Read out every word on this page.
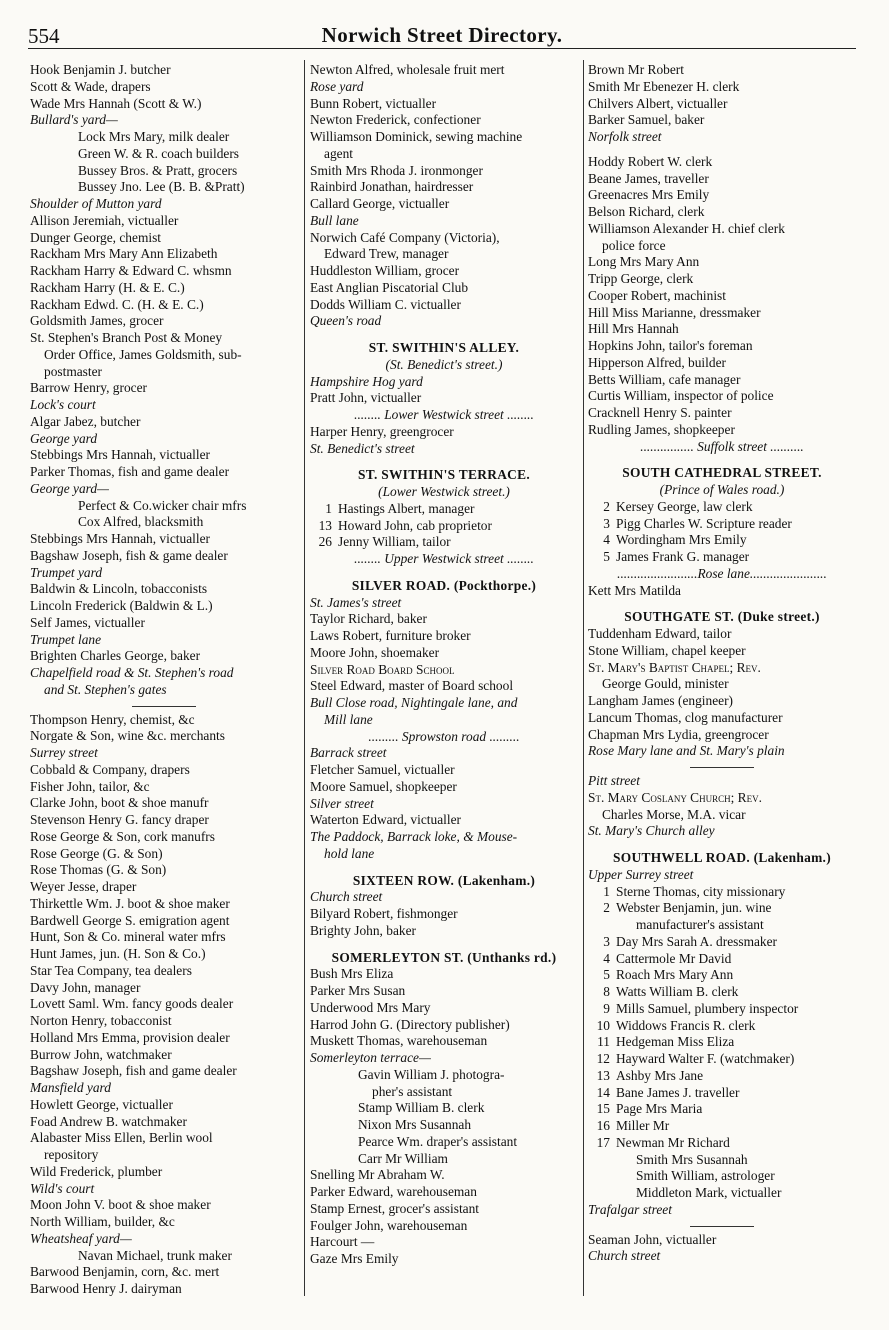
554	Norwich Street Directory.
Hook Benjamin J. butcher
Scott & Wade, drapers
Wade Mrs Hannah (Scott & W.)
Bullard's yard—
Lock Mrs Mary, milk dealer
Green W. & R. coach builders
Bussey Bros. & Pratt, grocers
Bussey Jno. Lee (B. B. &Pratt)
Shoulder of Mutton yard
Allison Jeremiah, victualler
Dunger George, chemist
Rackham Mrs Mary Ann Elizabeth
Rackham Harry & Edward C. whsmn
Rackham Harry (H. & E. C.)
Rackham Edwd. C. (H. & E. C.)
Goldsmith James, grocer
St. Stephen's Branch Post & Money
Order Office, James Goldsmith, sub-
postmaster
Barrow Henry, grocer
Lock's court
Algar Jabez, butcher
George yard
Stebbings Mrs Hannah, victualler
Parker Thomas, fish and game dealer
George yard—
Perfect & Co.wicker chair mfrs
Cox Alfred, blacksmith
Stebbings Mrs Hannah, victualler
Bagshaw Joseph, fish & game dealer
Trumpet yard
Baldwin & Lincoln, tobacconists
Lincoln Frederick (Baldwin & L.)
Self James, victualler
Trumpet lane
Brighten Charles George, baker
Chapelfield road & St. Stephen's road
and St. Stephen's gates
Thompson Henry, chemist, &c
Norgate & Son, wine &c. merchants
Surrey street
Cobbald & Company, drapers
Fisher John, tailor, &c
Clarke John, boot & shoe manufr
Stevenson Henry G. fancy draper
Rose George & Son, cork manufrs
Rose George (G. & Son)
Rose Thomas (G. & Son)
Weyer Jesse, draper
Thirkettle Wm. J. boot & shoe maker
Bardwell George S. emigration agent
Hunt, Son & Co. mineral water mfrs
Hunt James, jun. (H. Son & Co.)
Star Tea Company, tea dealers
Davy John, manager
Lovett Saml. Wm. fancy goods dealer
Norton Henry, tobacconist
Holland Mrs Emma, provision dealer
Burrow John, watchmaker
Bagshaw Joseph, fish and game dealer
Mansfield yard
Howlett George, victualler
Foad Andrew B. watchmaker
Alabaster Miss Ellen, Berlin wool
repository
Wild Frederick, plumber
Wild's court
Moon John V. boot & shoe maker
North William, builder, &c
Wheatsheaf yard—
Navan Michael, trunk maker
Barwood Benjamin, corn, &c. mert
Barwood Henry J. dairyman
Newton Alfred, wholesale fruit mert
Rose yard
Bunn Robert, victualler
Newton Frederick, confectioner
Williamson Dominick, sewing machine
agent
Smith Mrs Rhoda J. ironmonger
Rainbird Jonathan, hairdresser
Callard George, victualler
Bull lane
Norwich Café Company (Victoria),
Edward Trew, manager
Huddleston William, grocer
East Anglian Piscatorial Club
Dodds William C. victualler
Queen's road
ST. SWITHIN'S ALLEY.
(St. Benedict's street.)
Hampshire Hog yard
Pratt John, victualler
........ Lower Westwick street ........
Harper Henry, greengrocer
St. Benedict's street
ST. SWITHIN'S TERRACE.
(Lower Westwick street.)
1 Hastings Albert, manager
13 Howard John, cab proprietor
26 Jenny William, tailor
........ Upper Westwick street ........
SILVER ROAD. (Pockthorpe.)
St. James's street
Taylor Richard, baker
Laws Robert, furniture broker
Moore John, shoemaker
Silver Road Board School
Steel Edward, master of Board school
Bull Close road, Nightingale lane, and
Mill lane
......... Sprowston road .........
Barrack street
Fletcher Samuel, victualler
Moore Samuel, shopkeeper
Silver street
Waterton Edward, victualler
The Paddock, Barrack loke, & Mouse-
hold lane
SIXTEEN ROW. (Lakenham.)
Church street
Bilyard Robert, fishmonger
Brighty John, baker
SOMERLEYTON ST. (Unthanks rd.)
Bush Mrs Eliza
Parker Mrs Susan
Underwood Mrs Mary
Harrod John G. (Directory publisher)
Muskett Thomas, warehouseman
Somerleyton terrace—
Gavin William J. photogra-
pher's assistant
Stamp William B. clerk
Nixon Mrs Susannah
Pearce Wm. draper's assistant
Carr Mr William
Snelling Mr Abraham W.
Parker Edward, warehouseman
Stamp Ernest, grocer's assistant
Foulger John, warehouseman
Harcourt —
Gaze Mrs Emily
Brown Mr Robert
Smith Mr Ebenezer H. clerk
Chilvers Albert, victualler
Barker Samuel, baker
Norfolk street
Hoddy Robert W. clerk
Beane James, traveller
Greenacres Mrs Emily
Belson Richard, clerk
Williamson Alexander H. chief clerk
police force
Long Mrs Mary Ann
Tripp George, clerk
Cooper Robert, machinist
Hill Miss Marianne, dressmaker
Hill Mrs Hannah
Hopkins John, tailor's foreman
Hipperson Alfred, builder
Betts William, cafe manager
Curtis William, inspector of police
Cracknell Henry S. painter
Rudling James, shopkeeper
................ Suffolk street ..........
SOUTH CATHEDRAL STREET.
(Prince of Wales road.)
2 Kersey George, law clerk
3 Pigg Charles W. Scripture reader
4 Wordingham Mrs Emily
5 James Frank G. manager
........................Rose lane.......................
Kett Mrs Matilda
SOUTHGATE ST. (Duke street.)
Tuddenham Edward, tailor
Stone William, chapel keeper
St. Mary's Baptist Chapel; Rev.
George Gould, minister
Langham James (engineer)
Lancum Thomas, clog manufacturer
Chapman Mrs Lydia, greengrocer
Rose Mary lane and St. Mary's plain
Pitt street
St. Mary Coslany Church; Rev.
Charles Morse, M.A. vicar
St. Mary's Church alley
SOUTHWELL ROAD. (Lakenham.)
Upper Surrey street
1 Sterne Thomas, city missionary
2 Webster Benjamin, jun. wine
manufacturer's assistant
3 Day Mrs Sarah A. dressmaker
4 Cattermole Mr David
5 Roach Mrs Mary Ann
8 Watts William B. clerk
9 Mills Samuel, plumbery inspector
10 Widdows Francis R. clerk
11 Hedgeman Miss Eliza
12 Hayward Walter F. (watchmaker)
13 Ashby Mrs Jane
14 Bane James J. traveller
15 Page Mrs Maria
16 Miller Mr
17 Newman Mr Richard
Smith Mrs Susannah
Smith William, astrologer
Middleton Mark, victualler
Trafalgar street
Seaman John, victualler
Church street
